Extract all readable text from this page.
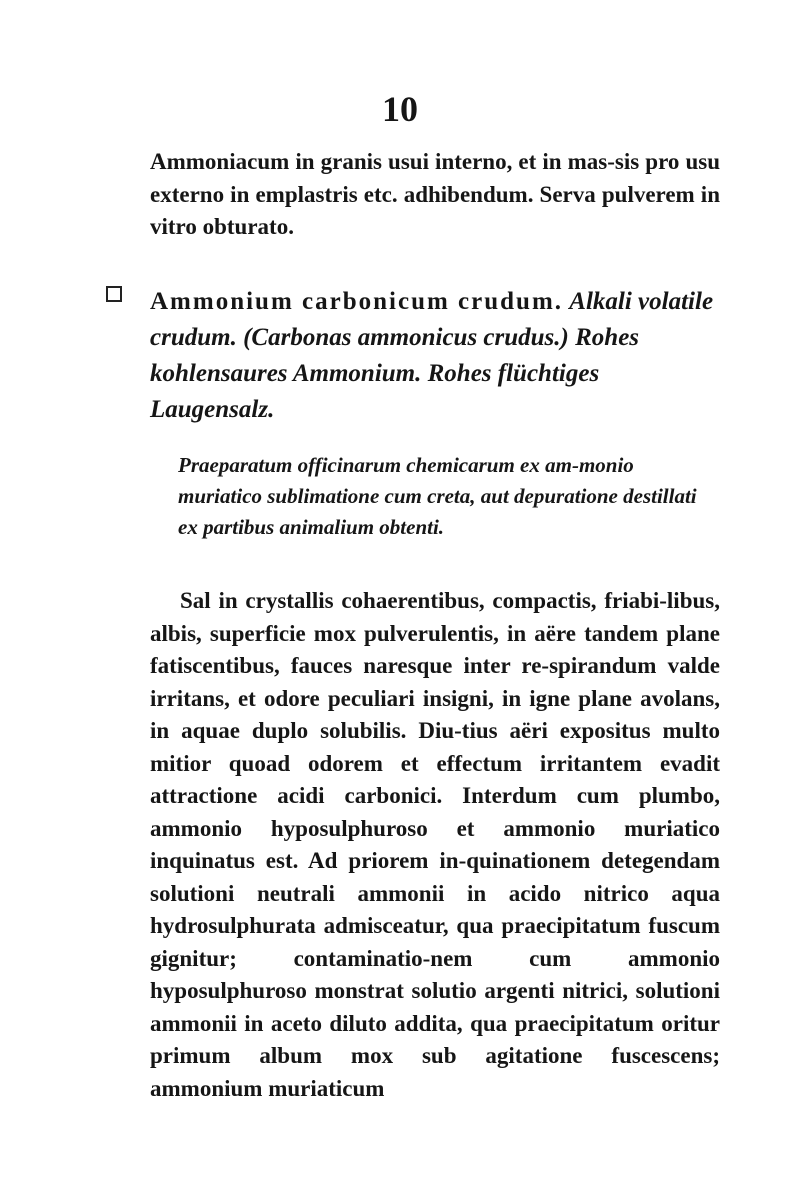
10
Ammoniacum in granis usui interno, et in mas-sis pro usu externo in emplastris etc. adhibendum. Serva pulverem in vitro obturato.
Ammonium carbonicum crudum. Alkali volatile crudum. (Carbonas ammonicus crudus.) Rohes kohlensaures Ammonium. Rohes flüchtiges Laugensalz.
Praeparatum officinarum chemicarum ex am-monio muriatico sublimatione cum creta, aut depuratione destillati ex partibus animalium obtenti.
Sal in crystallis cohaerentibus, compactis, friabi-libus, albis, superficie mox pulverulentis, in aëre tandem plane fatiscentibus, fauces naresque inter re-spirandum valde irritans, et odore peculiari insigni, in igne plane avolans, in aquae duplo solubilis. Diu-tius aëri expositus multo mitior quoad odorem et effectum irritantem evadit attractione acidi carbonici. Interdum cum plumbo, ammonio hyposulphuroso et ammonio muriatico inquinatus est. Ad priorem in-quinationem detegendam solutioni neutrali ammonii in acido nitrico aqua hydrosulphurata admisceatur, qua praecipitatum fuscum gignitur; contaminatio-nem cum ammonio hyposulphuroso monstrat solutio argenti nitrici, solutioni ammonii in aceto diluto addita, qua praecipitatum oritur primum album mox sub agitatione fuscescens; ammonium muriaticum
